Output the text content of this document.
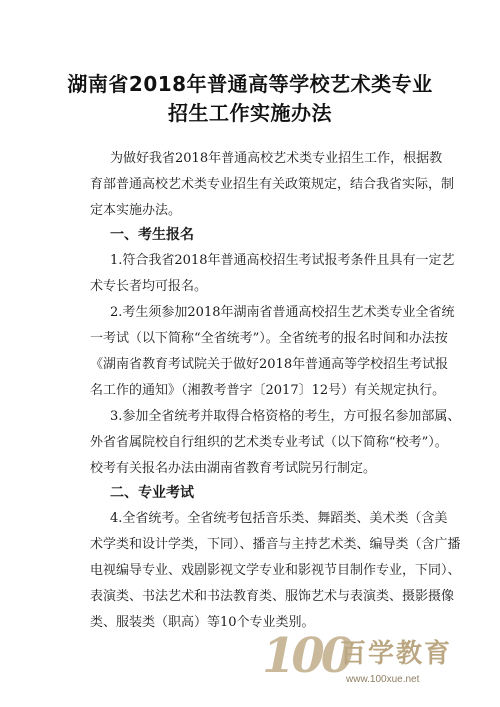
湖南省2018年普通高等学校艺术类专业
招生工作实施办法
为做好我省2018年普通高校艺术类专业招生工作，根据教
育部普通高校艺术类专业招生有关政策规定，结合我省实际，制
定本实施办法。
一、考生报名
1.符合我省2018年普通高校招生考试报考条件且具有一定艺
术专长者均可报名。
2.考生须参加2018年湖南省普通高校招生艺术类专业全省统
一考试（以下简称“全省统考”）。全省统考的报名时间和办法按
《湖南省教育考试院关于做好2018年普通高等学校招生考试报
名工作的通知》（湘教考普字〔2017〕12号）有关规定执行。
3.参加全省统考并取得合格资格的考生，方可报名参加部属、
外省省属院校自行组织的艺术类专业考试（以下简称“校考”）。
校考有关报名办法由湖南省教育考试院另行制定。
二、专业考试
4.全省统考。全省统考包括音乐类、舞蹈类、美术类（含美
术学类和设计学类，下同）、播音与主持艺术类、编导类（含广播
电视编导专业、戏剧影视文学专业和影视节目制作专业，下同）、
表演类、书法艺术和书法教育类、服饰艺术与表演类、摄影摄像
类、服装类（职高）等10个专业类别。
100
百学教育
www.100xue.net
